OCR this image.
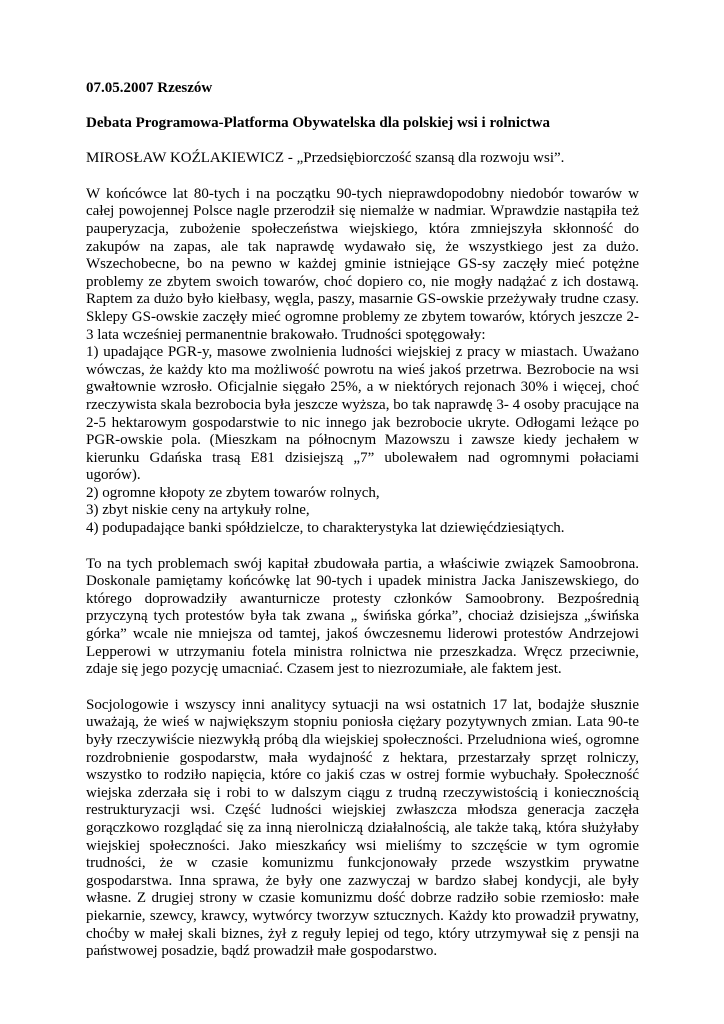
07.05.2007 Rzeszów

Debata Programowa-Platforma Obywatelska dla polskiej wsi i rolnictwa

MIROSŁAW KOŹLAKIEWICZ - „Przedsiębiorczość szansą dla rozwoju wsi”.

W końcówce lat 80-tych i na początku 90-tych nieprawdopodobny niedobór towarów w całej powojennej Polsce nagle przerodził się niemalże w nadmiar. Wprawdzie nastąpiła też pauperyzacja, zubożenie społeczeństwa wiejskiego, która zmniejszyła skłonność do zakupów na zapas, ale tak naprawdę wydawało się, że wszystkiego jest za dużo. Wszechobecne, bo na pewno w każdej gminie istniejące GS-sy zaczęły mieć potężne problemy ze zbytem swoich towarów, choć dopiero co, nie mogły nadążać z ich dostawą. Raptem za dużo było kiełbasy, węgla, paszy, masarnie GS-owskie przeżywały trudne czasy. Sklepy GS-owskie zaczęły mieć ogromne problemy ze zbytem towarów, których jeszcze 2-3 lata wcześniej permanentnie brakowało. Trudności spotęgowały:

1) upadające PGR-y, masowe zwolnienia ludności wiejskiej z pracy w miastach. Uważano wówczas, że każdy kto ma możliwość powrotu na wieś jakoś przetrwa. Bezrobocie na wsi gwałtownie wzrosło. Oficjalnie sięgało 25%, a w niektórych rejonach 30% i więcej, choć rzeczywista skala bezrobocia była jeszcze wyższa, bo tak naprawdę 3- 4 osoby pracujące na 2-5 hektarowym gospodarstwie to nic innego jak bezrobocie ukryte. Odłogami leżące po PGR-owskie pola. (Mieszkam na północnym Mazowszu i zawsze kiedy jechałem w kierunku Gdańska trasą E81 dzisiejszą „7” ubolewałem nad ogromnymi połaciami ugorów).

2) ogromne kłopoty ze zbytem towarów rolnych,

3) zbyt niskie ceny na artykuły rolne,

4) podupadające banki spółdzielcze, to charakterystyka lat dziewięćdziesiątych.

To na tych problemach swój kapitał zbudowała partia, a właściwie związek Samoobrona. Doskonale pamiętamy końcówkę lat 90-tych i upadek ministra Jacka Janiszewskiego, do którego doprowadziły awanturnicze protesty członków Samoobrony. Bezpośrednią przyczyną tych protestów była tak zwana „ świńska górka”, chociaż dzisiejsza „świńska górka” wcale nie mniejsza od tamtej, jakoś ówczesnemu liderowi protestów Andrzejowi Lepperowi w utrzymaniu fotela ministra rolnictwa nie przeszkadza. Wręcz przeciwnie, zdaje się jego pozycję umacniać. Czasem jest to niezrozumiałe, ale faktem jest.

Socjologowie i wszyscy inni analitycy sytuacji na wsi ostatnich 17 lat, bodajże słusznie uważają, że wieś w największym stopniu poniosła ciężary pozytywnych zmian. Lata 90-te były rzeczywiście niezwykłą próbą dla wiejskiej społeczności. Przeludniona wieś, ogromne rozdrobnienie gospodarstw, mała wydajność z hektara, przestarzały sprzęt rolniczy, wszystko to rodziło napięcia, które co jakiś czas w ostrej formie wybuchały. Społeczność wiejska zderzała się i robi to w dalszym ciągu z trudną rzeczywistością i koniecznością restrukturyzacji wsi. Część ludności wiejskiej zwłaszcza młodsza generacja zaczęła gorączkowo rozglądać się za inną nierolniczą działalnością, ale także taką, która służyłaby wiejskiej społeczności. Jako mieszkańcy wsi mieliśmy to szczęście w tym ogromie trudności, że w czasie komunizmu funkcjonowały przede wszystkim prywatne gospodarstwa. Inna sprawa, że były one zazwyczaj w bardzo słabej kondycji, ale były własne. Z drugiej strony w czasie komunizmu dość dobrze radziło sobie rzemiosło: małe piekarnie, szewcy, krawcy, wytwórcy tworzyw sztucznych. Każdy kto prowadził prywatny, choćby w małej skali biznes, żył z reguły lepiej od tego, który utrzymywał się z pensji na państwowej posadzie, bądź prowadził małe gospodarstwo.
